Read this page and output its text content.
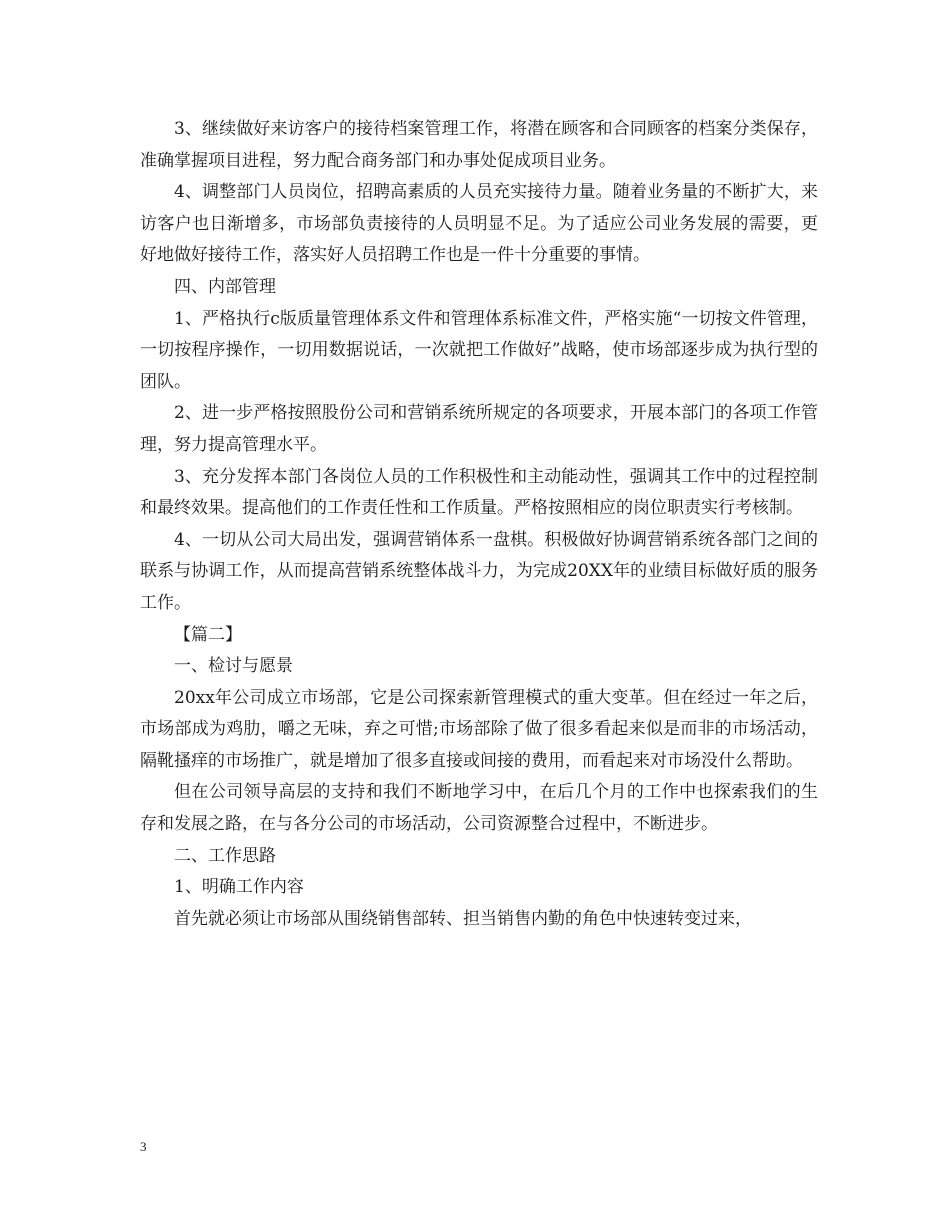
3、继续做好来访客户的接待档案管理工作，将潜在顾客和合同顾客的档案分类保存，准确掌握项目进程，努力配合商务部门和办事处促成项目业务。

4、调整部门人员岗位，招聘高素质的人员充实接待力量。随着业务量的不断扩大，来访客户也日渐增多，市场部负责接待的人员明显不足。为了适应公司业务发展的需要，更好地做好接待工作，落实好人员招聘工作也是一件十分重要的事情。

四、内部管理

1、严格执行c版质量管理体系文件和管理体系标准文件，严格实施“一切按文件管理，一切按程序操作，一切用数据说话，一次就把工作做好”战略，使市场部逐步成为执行型的团队。

2、进一步严格按照股份公司和营销系统所规定的各项要求，开展本部门的各项工作管理，努力提高管理水平。

3、充分发挥本部门各岗位人员的工作积极性和主动能动性，强调其工作中的过程控制和最终效果。提高他们的工作责任性和工作质量。严格按照相应的岗位职责实行考核制。

4、一切从公司大局出发，强调营销体系一盘棋。积极做好协调营销系统各部门之间的联系与协调工作，从而提高营销系统整体战斗力，为完成20XX年的业绩目标做好质的服务工作。

【篇二】

一、检讨与愿景

20xx年公司成立市场部，它是公司探索新管理模式的重大变革。但在经过一年之后，市场部成为鸡肋，嚼之无味，弃之可惜;市场部除了做了很多看起来似是而非的市场活动，隔靴搔痒的市场推广，就是增加了很多直接或间接的费用，而看起来对市场没什么帮助。

但在公司领导高层的支持和我们不断地学习中，在后几个月的工作中也探索我们的生存和发展之路，在与各分公司的市场活动，公司资源整合过程中，不断进步。

二、工作思路

1、明确工作内容

首先就必须让市场部从围绕销售部转、担当销售内勤的角色中快速转变过来，

3
